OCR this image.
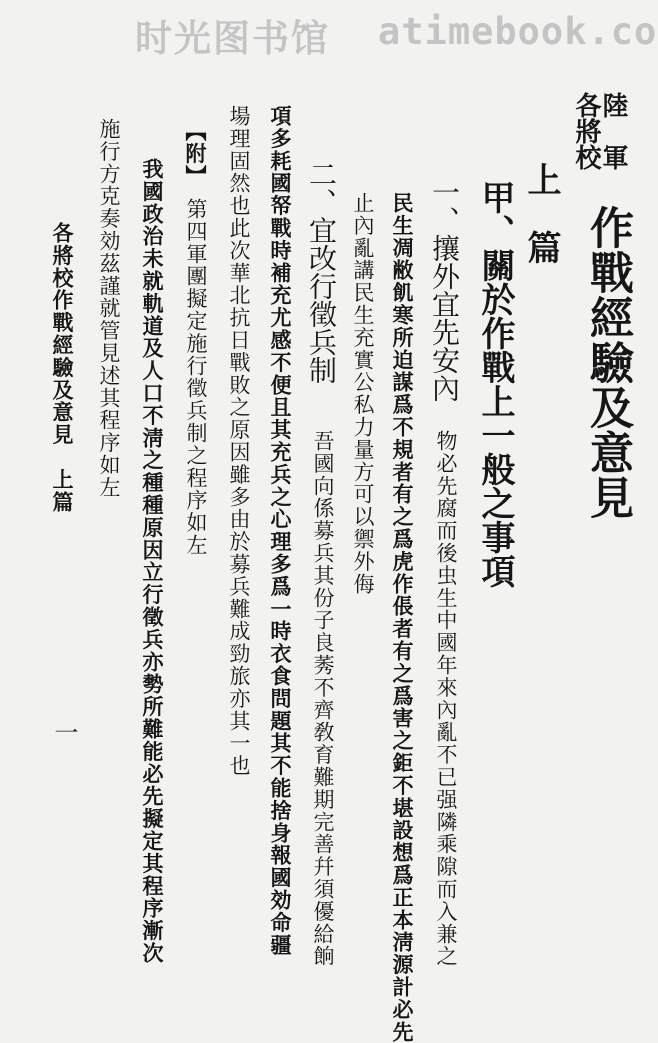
时光图书馆 atimebook.co
陸　軍
各將校
作戰經驗及意見
上　篇
甲、關於作戰上一般之事項
一、攘外宜先安內
物必先腐而後虫生中國年來內亂不已强隣乘隙而入兼之
民生凋敝飢寒所迫謀爲不規者有之爲虎作倀者有之爲害之鉅不堪設想爲正本淸源計必先
止內亂講民生充實公私力量方可以禦外侮
二、宜改行徵兵制
吾國向係募兵其份子良莠不齊敎育難期完善幷須優給餉
項多耗國帑戰時補充尤感不便且其充兵之心理多爲一時衣食問題其不能捨身報國効命疆
場理固然也此次華北抗日戰敗之原因雖多由於募兵難成勁旅亦其一也
【附】
第四軍團擬定施行徵兵制之程序如左
我國政治未就軌道及人口不淸之種種原因立行徵兵亦勢所難能必先擬定其程序漸次
施行方克奏効茲謹就管見述其程序如左
各將校作戰經驗及意見　上篇
一
